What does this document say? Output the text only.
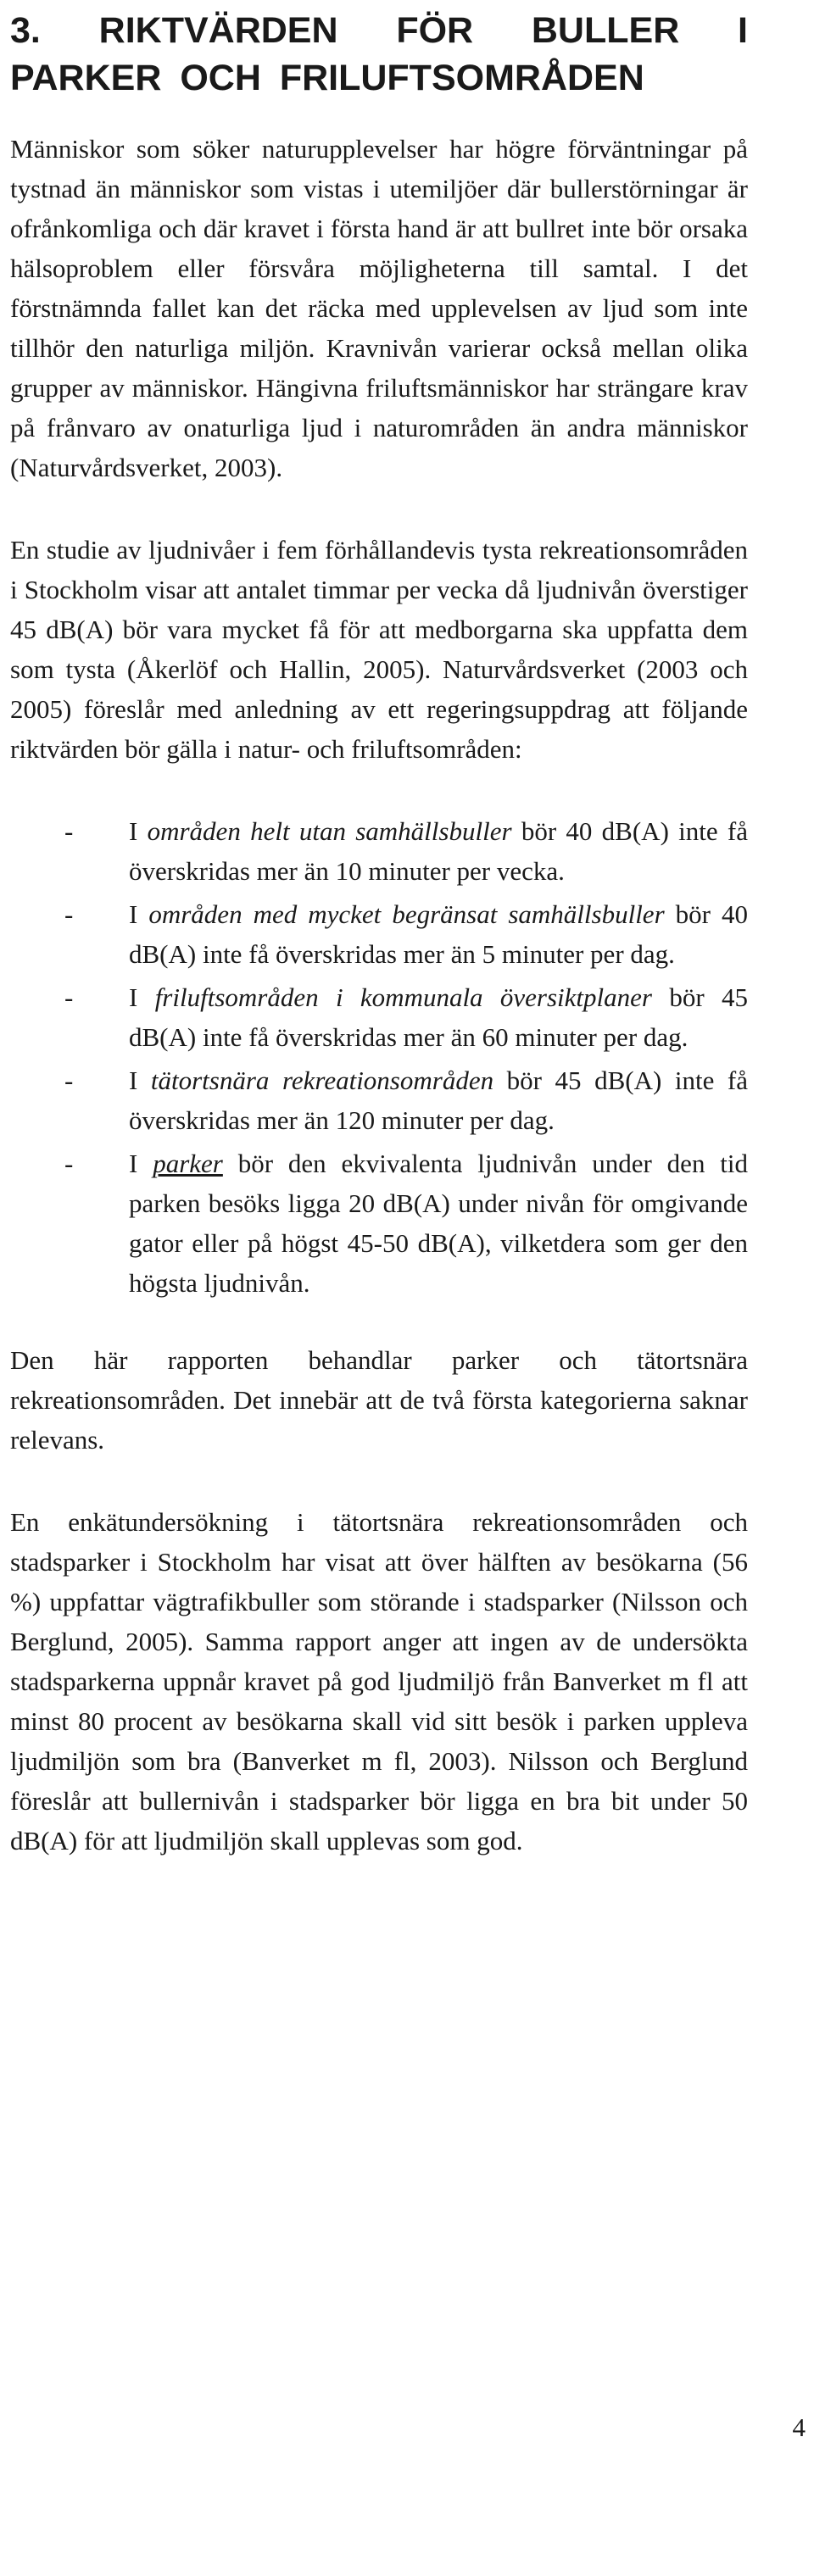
3. RIKTVÄRDEN FÖR BULLER I PARKER OCH FRILUFTSOMRÅDEN

Människor som söker naturupplevelser har högre förväntningar på tystnad än människor som vistas i utemiljöer där bullerstörningar är ofrånkomliga och där kravet i första hand är att bullret inte bör orsaka hälsoproblem eller försvåra möjligheterna till samtal. I det förstnämnda fallet kan det räcka med upplevelsen av ljud som inte tillhör den naturliga miljön. Kravnivån varierar också mellan olika grupper av människor. Hängivna friluftsmänniskor har strängare krav på frånvaro av onaturliga ljud i naturområden än andra människor (Naturvårdsverket, 2003).

En studie av ljudnivåer i fem förhållandevis tysta rekreationsområden i Stockholm visar att antalet timmar per vecka då ljudnivån överstiger 45 dB(A) bör vara mycket få för att medborgarna ska uppfatta dem som tysta (Åkerlöf och Hallin, 2005). Naturvårdsverket (2003 och 2005) föreslår med anledning av ett regeringsuppdrag att följande riktvärden bör gälla i natur- och friluftsområden:

- I områden helt utan samhällsbuller bör 40 dB(A) inte få överskridas mer än 10 minuter per vecka.
- I områden med mycket begränsat samhällsbuller bör 40 dB(A) inte få överskridas mer än 5 minuter per dag.
- I friluftsområden i kommunala översiktplaner bör 45 dB(A) inte få överskridas mer än 60 minuter per dag.
- I tätortsnära rekreationsområden bör 45 dB(A) inte få överskridas mer än 120 minuter per dag.
- I parker bör den ekvivalenta ljudnivån under den tid parken besöks ligga 20 dB(A) under nivån för omgivande gator eller på högst 45-50 dB(A), vilketdera som ger den högsta ljudnivån.

Den här rapporten behandlar parker och tätortsnära rekreationsområden. Det innebär att de två första kategorierna saknar relevans.

En enkätundersökning i tätortsnära rekreationsområden och stadsparker i Stockholm har visat att över hälften av besökarna (56 %) uppfattar vägtrafikbuller som störande i stadsparker (Nilsson och Berglund, 2005). Samma rapport anger att ingen av de undersökta stadsparkerna uppnår kravet på god ljudmiljö från Banverket m fl att minst 80 procent av besökarna skall vid sitt besök i parken uppleva ljudmiljön som bra (Banverket m fl, 2003). Nilsson och Berglund föreslår att bullernivån i stadsparker bör ligga en bra bit under 50 dB(A) för att ljudmiljön skall upplevas som god.

4
